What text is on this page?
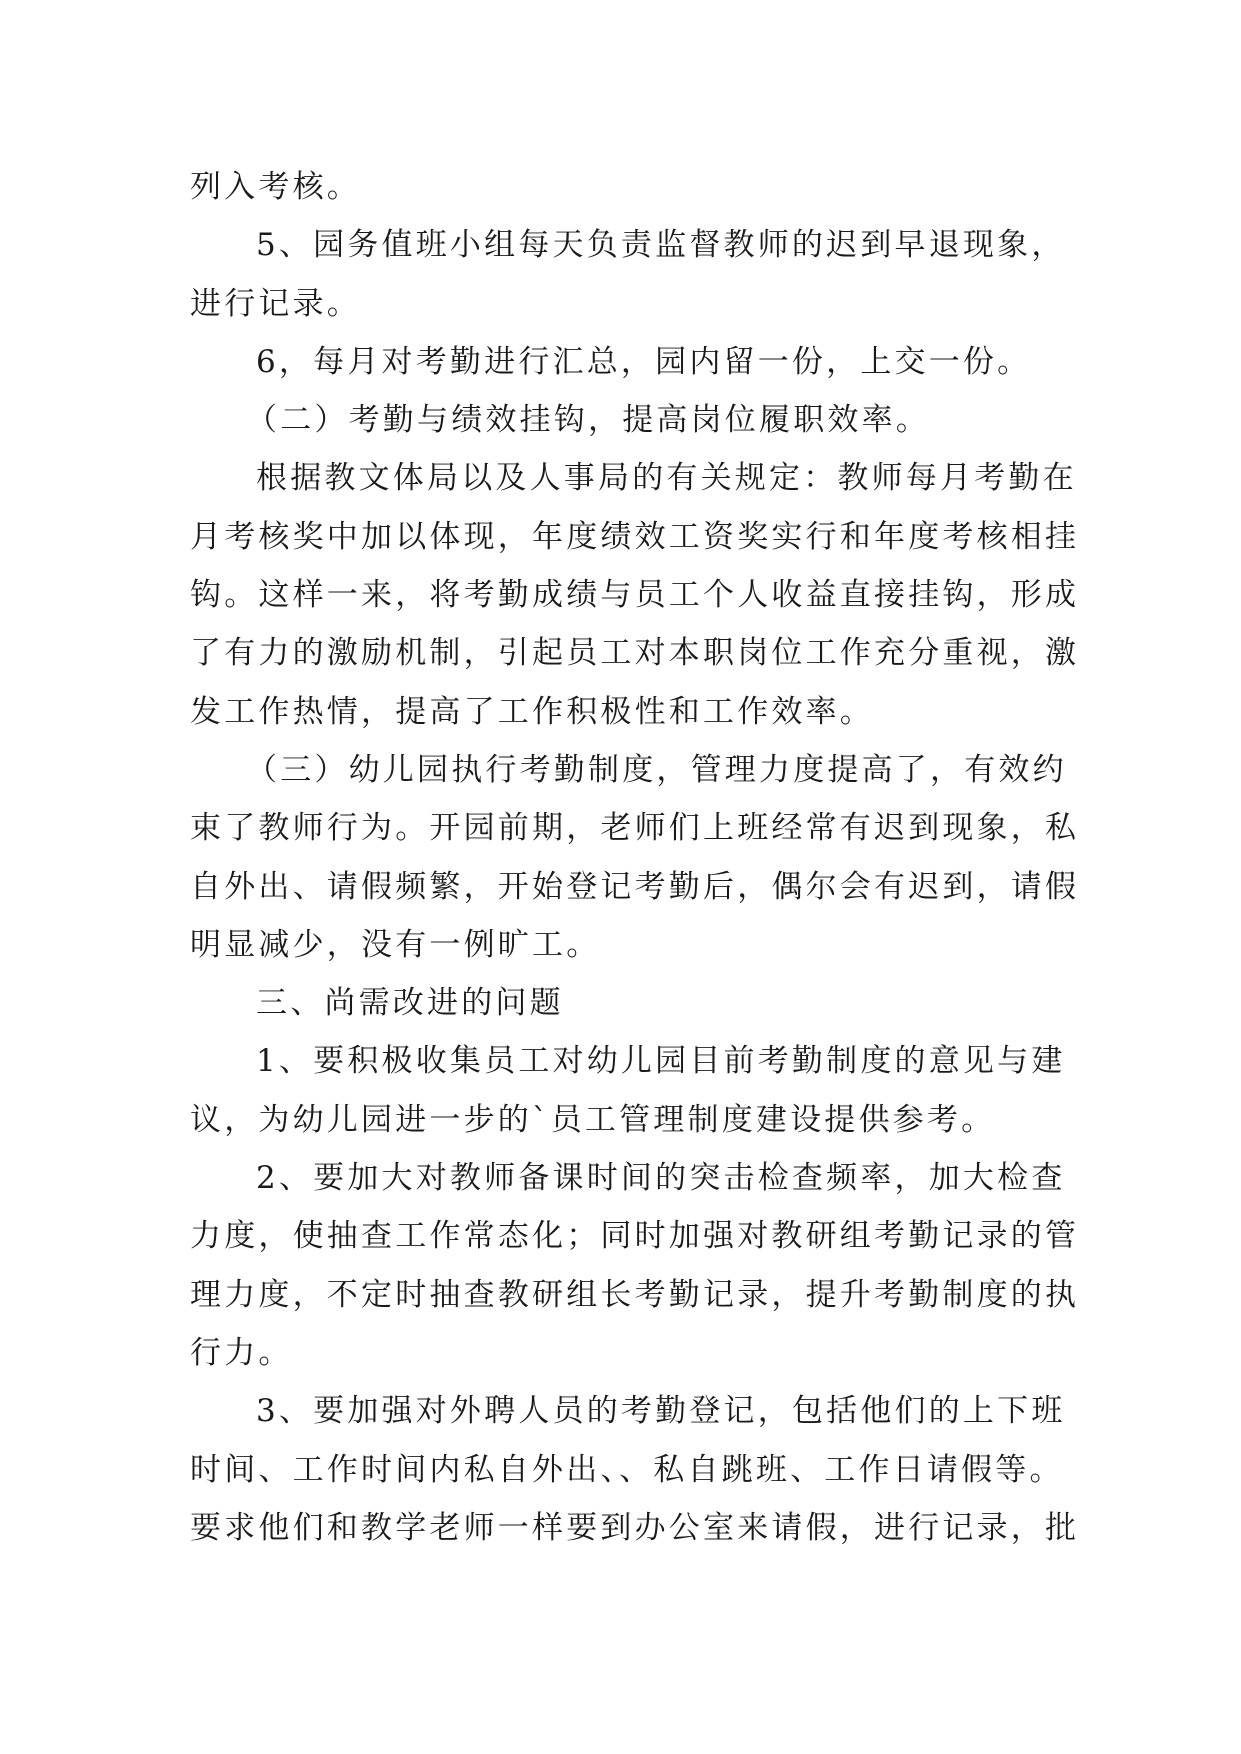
列入考核。
5、园务值班小组每天负责监督教师的迟到早退现象，
进行记录。
6，每月对考勤进行汇总，园内留一份，上交一份。
（二）考勤与绩效挂钩，提高岗位履职效率。
根据教文体局以及人事局的有关规定：教师每月考勤在
月考核奖中加以体现，年度绩效工资奖实行和年度考核相挂
钩。这样一来，将考勤成绩与员工个人收益直接挂钩，形成
了有力的激励机制，引起员工对本职岗位工作充分重视，激
发工作热情，提高了工作积极性和工作效率。
（三）幼儿园执行考勤制度，管理力度提高了，有效约
束了教师行为。开园前期，老师们上班经常有迟到现象，私
自外出、请假频繁，开始登记考勤后，偶尔会有迟到，请假
明显减少，没有一例旷工。
三、尚需改进的问题
1、要积极收集员工对幼儿园目前考勤制度的意见与建
议，为幼儿园进一步的`员工管理制度建设提供参考。
2、要加大对教师备课时间的突击检查频率，加大检查
力度，使抽查工作常态化；同时加强对教研组考勤记录的管
理力度，不定时抽查教研组长考勤记录，提升考勤制度的执
行力。
3、要加强对外聘人员的考勤登记，包括他们的上下班
时间、工作时间内私自外出、、私自跳班、工作日请假等。
要求他们和教学老师一样要到办公室来请假，进行记录，批
